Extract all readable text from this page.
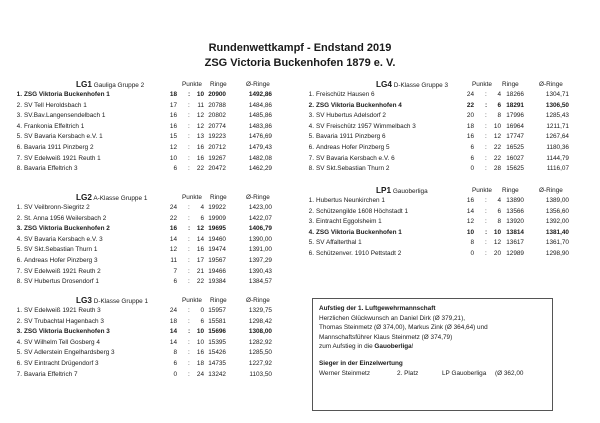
Rundenwettkampf - Endstand 2019
ZSG Victoria Buckenhofen 1879 e. V.
LG1 Gauliga Gruppe 2	Punkte Ringe	Ø-Ringe
1. ZSG Viktoria Buckenhofen 1	18 :	10 20900	1492,86
2. SV Tell Heroldsbach 1	17 :	11 20788	1484,86
3. SV.Bav.Langensendelbach 1	16 :	12 20802	1485,86
4. Frankonia Effeltrich 1	16 :	12 20774	1483,86
5. SV Bavaria Kersbach e.V. 1	15 :	13 19223	1476,69
6. Bavaria 1911 Pinzberg 2	12 :	16 20712	1479,43
7. SV Edelweiß 1921 Reuth 1	10 :	16 19267	1482,08
8. Bavaria Effeltrich 3	6 :	22 20472	1462,29
LG2 A-Klasse Gruppe 1	Punkte Ringe	Ø-Ringe
1. SV Veilbronn-Siegritz 2	24 :	4 19922	1423,00
2. St. Anna 1956 Weilersbach 2	22 :	6 19909	1422,07
3. ZSG Viktoria Buckenhofen 2	16 :	12 19695	1406,79
4. SV Bavaria Kersbach e.V. 3	14 :	14 19460	1390,00
5. SV Skt.Sebastian Thurn 1	12 :	16 19474	1391,00
6. Andreas Hofer Pinzberg 3	11 :	17 19567	1397,29
7. SV Edelweiß 1921 Reuth 2	7 :	21 19466	1390,43
8. SV Hubertus Drosendorf 1	6 :	22 19384	1384,57
LG3 D-Klasse Gruppe 1	Punkte Ringe	Ø-Ringe
1. SV Edelweiß 1921 Reuth 3	24 :	0 15957	1329,75
2. SV Trubachtal Hagenbach 3	18 :	6 15581	1298,42
3. ZSG Viktoria Buckenhofen 3	14 :	10 15696	1308,00
4. SV Wilhelm Tell Gosberg 4	14 :	10 15395	1282,92
5. SV Adlerstein Engelhardsberg 3	8 :	16 15426	1285,50
6. SV Eintracht Drügendorf 3	6 :	18 14735	1227,92
7. Bavaria Effeltrich 7	0 :	24 13242	1103,50
LG4 D-Klasse Gruppe 3	Punkte Ringe	Ø-Ringe
1. Freischütz Hausen 6	24 :	4 18266	1304,71
2. ZSG Viktoria Buckenhofen 4	22 :	6 18291	1306,50
3. SV Hubertus Adelsdorf 2	20 :	8 17996	1285,43
4. SV Freischütz 1957 Wimmelbach 3	18 :	10 16964	1211,71
5. Bavaria 1911 Pinzberg 6	16 :	12 17747	1267,64
6. Andreas Hofer Pinzberg 5	6 :	22 16525	1180,36
7. SV Bavaria Kersbach e.V. 6	6 :	22 16027	1144,79
8. SV Skt.Sebastian Thurn 2	0 :	28 15625	1116,07
LP1 Gauoberliga	Punkte Ringe	Ø-Ringe
1. Hubertus Neunkirchen 1	16 :	4 13890	1389,00
2. Schützengilde 1608 Höchstadt 1	14 :	6 13566	1356,60
3. Eintracht Eggolsheim 1	12 :	8 13920	1392,00
4. ZSG Viktoria Buckenhofen 1	10 :	10 13814	1381,40
5. SV Affalterthal 1	8 :	12 13617	1361,70
6. Schützenver. 1910 Pettstadt 2	0 :	20 12989	1298,90
Aufstieg der 1. Luftgewehrmannschaft
Herzlichen Glückwunsch an Daniel Dirk (Ø 379,21),
Thomas Steinmetz (Ø 374,00), Markus Zink (Ø 364,64) und
Mannschaftsführer Klaus Steinmetz (Ø 374,79)
zum Aufstieg in die Gauoberliga!
Sieger in der Einzelwertung
Werner Steinmetz	2. Platz	LP Gauoberliga (Ø 362,00
